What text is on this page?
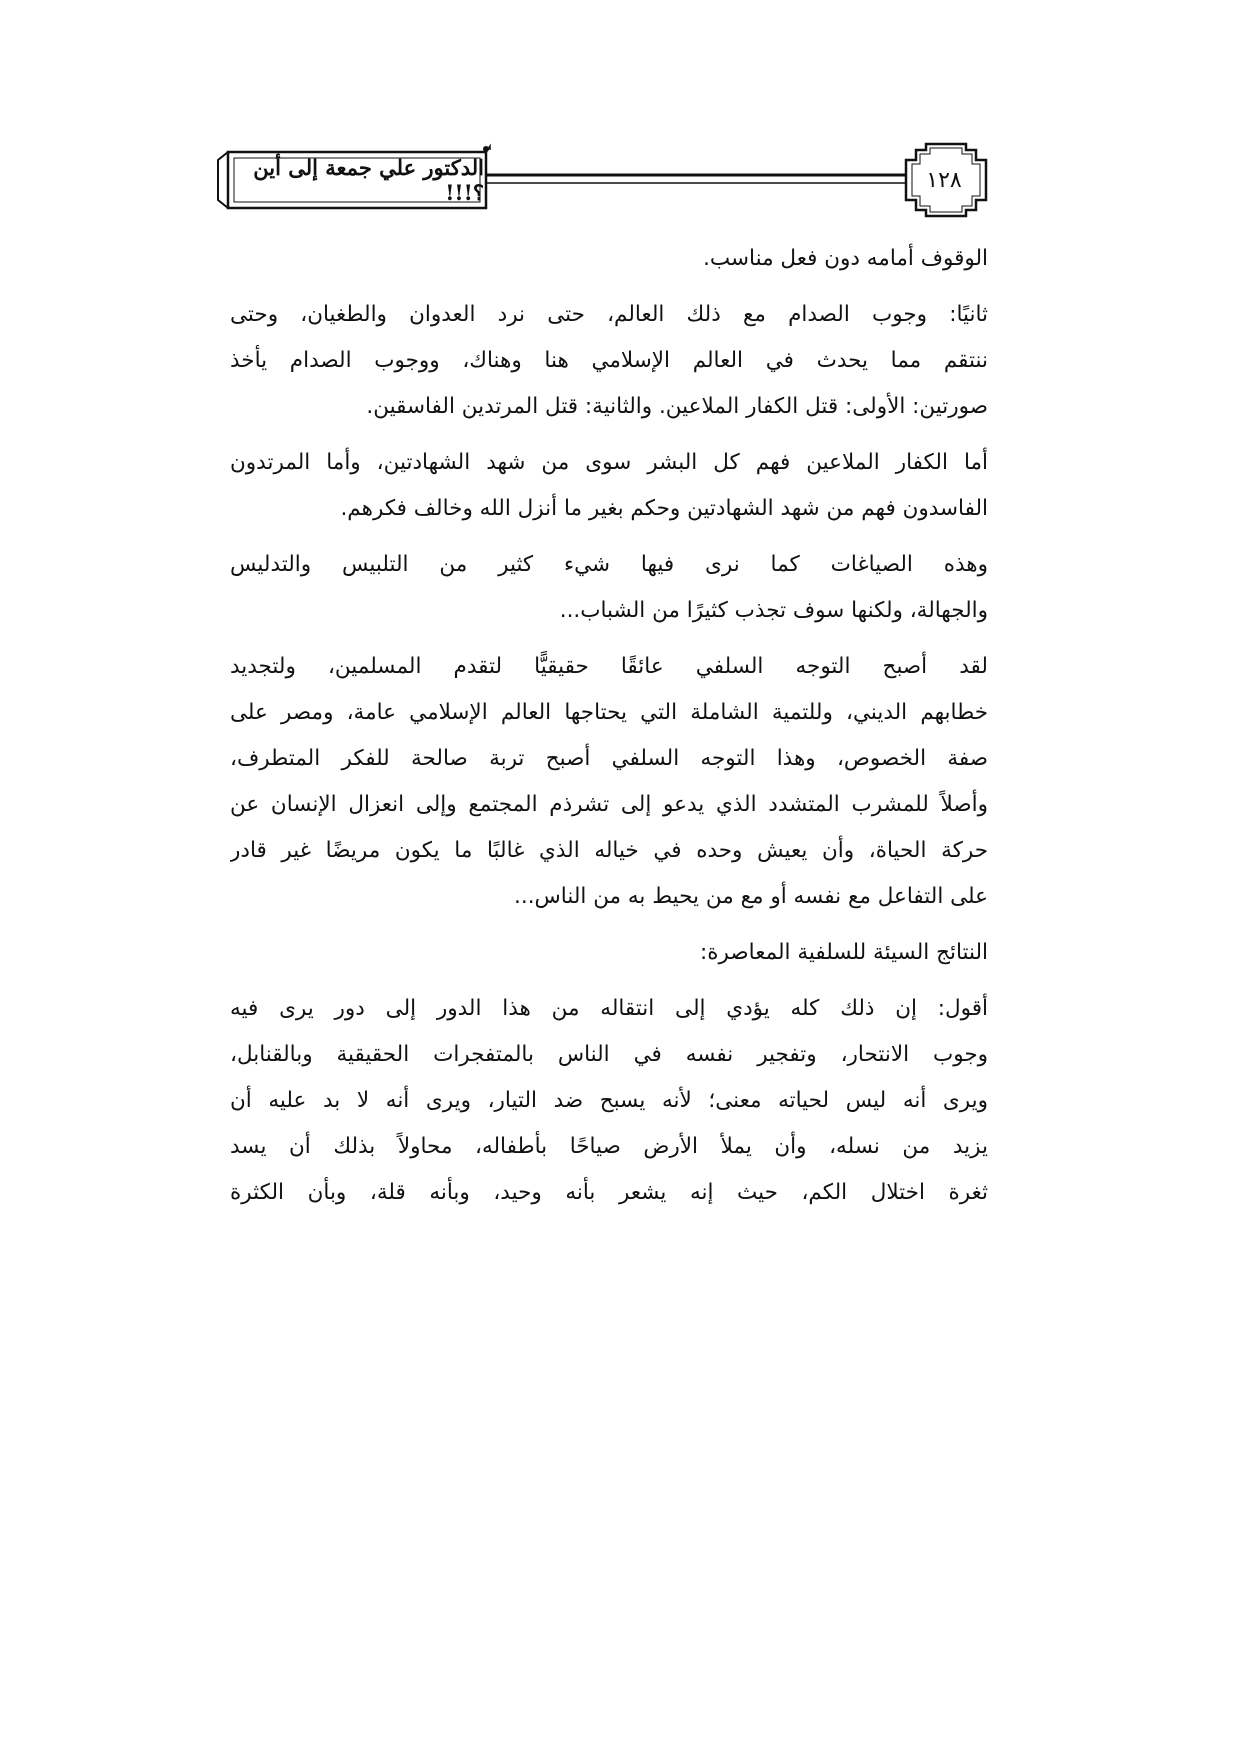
الدكتور علي جمعة إلى أين ؟!!!	١٢٨
الوقوف أمامه دون فعل مناسب.
ثانيًا: وجوب الصدام مع ذلك العالم، حتى نرد العدوان والطغيان، وحتى
ننتقم مما يحدث في العالم الإسلامي هنا وهناك، ووجوب الصدام يأخذ
صورتين: الأولى: قتل الكفار الملاعين. والثانية: قتل المرتدين الفاسقين.
أما الكفار الملاعين فهم كل البشر سوى من شهد الشهادتين، وأما المرتدون
الفاسدون فهم من شهد الشهادتين وحكم بغير ما أنزل الله وخالف فكرهم.
وهذه الصياغات كما نرى فيها شيء كثير من التلبيس والتدليس
والجهالة، ولكنها سوف تجذب كثيرًا من الشباب...
لقد أصبح التوجه السلفي عائقًا حقيقيًّا لتقدم المسلمين، ولتجديد
خطابهم الديني، وللتمية الشاملة التي يحتاجها العالم الإسلامي عامة، ومصر على
صفة الخصوص، وهذا التوجه السلفي أصبح تربة صالحة للفكر المتطرف،
وأصلاً للمشرب المتشدد الذي يدعو إلى تشرذم المجتمع وإلى انعزال الإنسان عن
حركة الحياة، وأن يعيش وحده في خياله الذي غالبًا ما يكون مريضًا غير قادر
على التفاعل مع نفسه أو مع من يحيط به من الناس...
النتائج السيئة للسلفية المعاصرة:
أقول: إن ذلك كله يؤدي إلى انتقاله من هذا الدور إلى دور يرى فيه
وجوب الانتحار، وتفجير نفسه في الناس بالمتفجرات الحقيقية وبالقنابل،
ويرى أنه ليس لحياته معنى؛ لأنه يسبح ضد التيار، ويرى أنه لا بد عليه أن
يزيد من نسله، وأن يملأ الأرض صياحًا بأطفاله، محاولاً بذلك أن يسد
ثغرة اختلال الكم، حيث إنه يشعر بأنه وحيد، وبأنه قلة، وبأن الكثرة
